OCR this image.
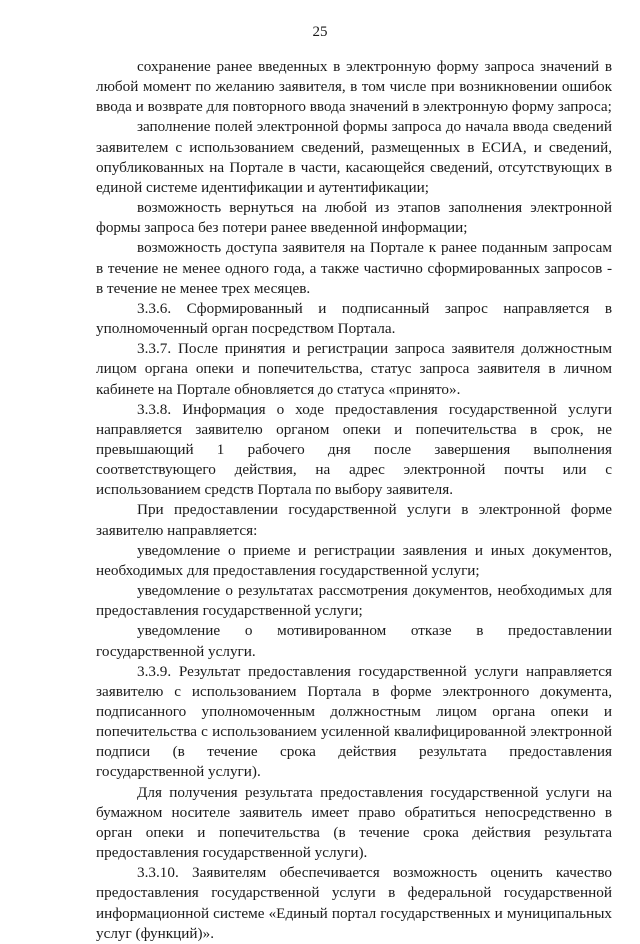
25

сохранение ранее введенных в электронную форму запроса значений в любой момент по желанию заявителя, в том числе при возникновении ошибок ввода и возврате для повторного ввода значений в электронную форму запроса;

заполнение полей электронной формы запроса до начала ввода сведений заявителем с использованием сведений, размещенных в ЕСИА, и сведений, опубликованных на Портале в части, касающейся сведений, отсутствующих в единой системе идентификации и аутентификации;

возможность вернуться на любой из этапов заполнения электронной формы запроса без потери ранее введенной информации;

возможность доступа заявителя на Портале к ранее поданным запросам в течение не менее одного года, а также частично сформированных запросов - в течение не менее трех месяцев.

3.3.6. Сформированный и подписанный запрос направляется в уполномоченный орган посредством Портала.

3.3.7. После принятия и регистрации запроса заявителя должностным лицом органа опеки и попечительства, статус запроса заявителя в личном кабинете на Портале обновляется до статуса «принято».

3.3.8. Информация о ходе предоставления государственной услуги направляется заявителю органом опеки и попечительства в срок, не превышающий 1 рабочего дня после завершения выполнения соответствующего действия, на адрес электронной почты или с использованием средств Портала по выбору заявителя.

При предоставлении государственной услуги в электронной форме заявителю направляется:

уведомление о приеме и регистрации заявления и иных документов, необходимых для предоставления государственной услуги;

уведомление о результатах рассмотрения документов, необходимых для предоставления государственной услуги;

уведомление о мотивированном отказе в предоставлении государственной услуги.

3.3.9. Результат предоставления государственной услуги направляется заявителю с использованием Портала в форме электронного документа, подписанного уполномоченным должностным лицом органа опеки и попечительства с использованием усиленной квалифицированной электронной подписи (в течение срока действия результата предоставления государственной услуги).

Для получения результата предоставления государственной услуги на бумажном носителе заявитель имеет право обратиться непосредственно в орган опеки и попечительства (в течение срока действия результата предоставления государственной услуги).

3.3.10. Заявителям обеспечивается возможность оценить качество предоставления государственной услуги в федеральной государственной информационной системе «Единый портал государственных и муниципальных услуг (функций)».
